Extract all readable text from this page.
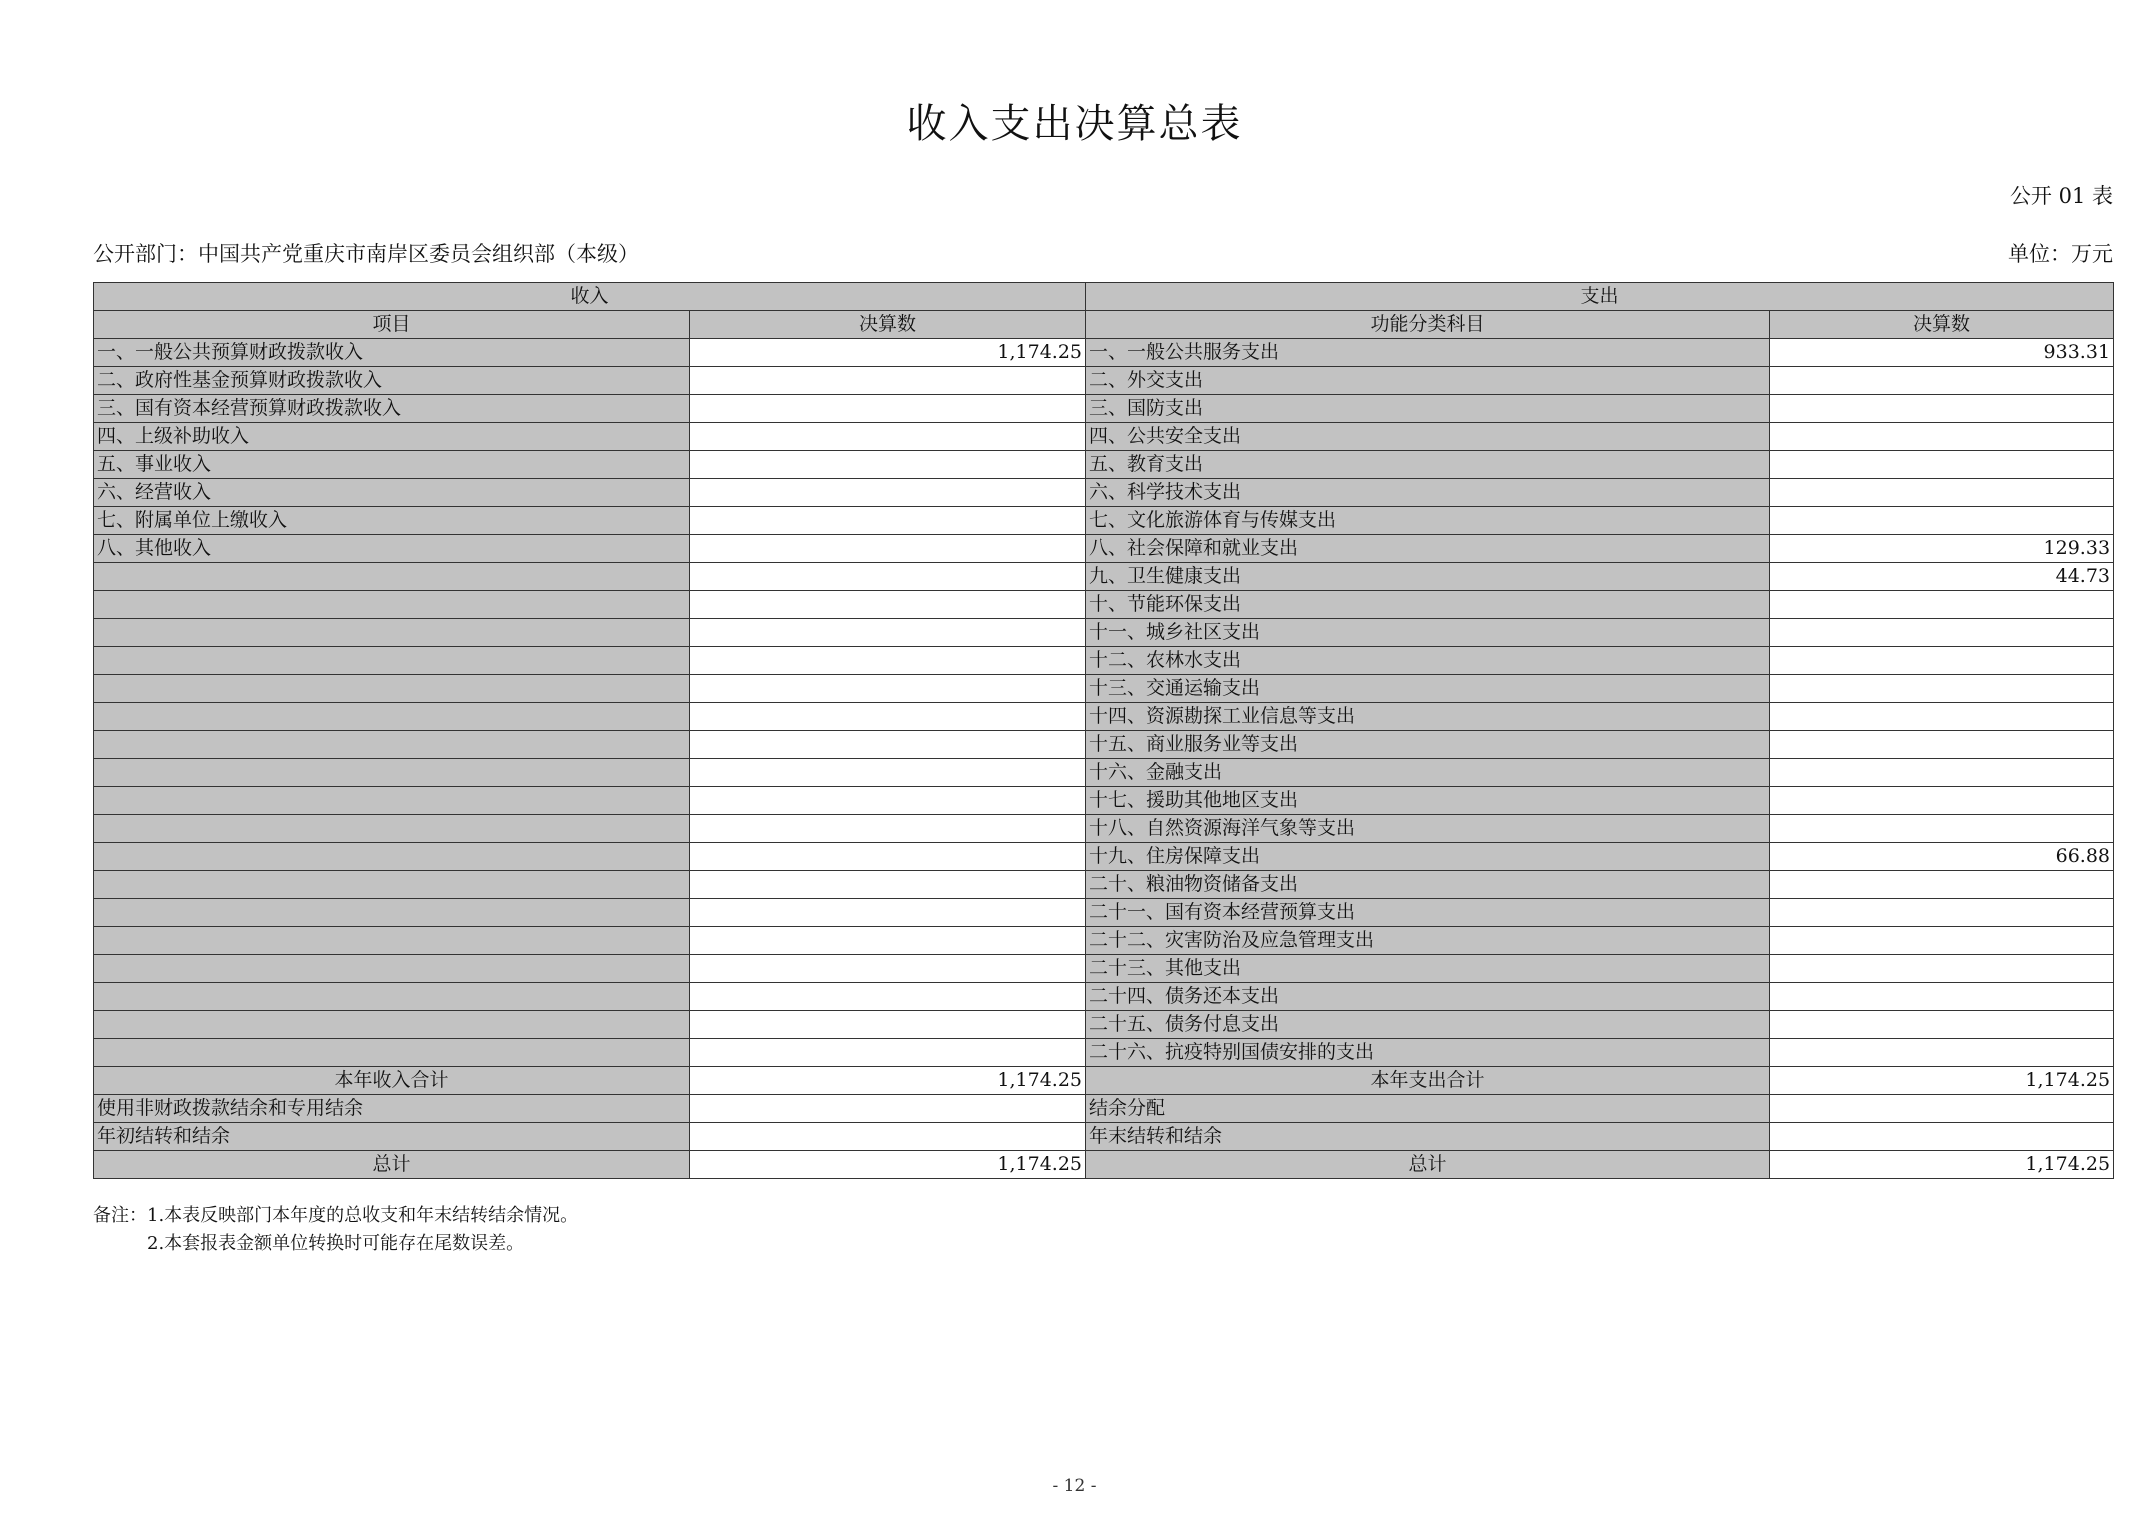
收入支出决算总表
公开 01 表
公开部门：中国共产党重庆市南岸区委员会组织部（本级）	单位：万元
收入		支出	
项目	决算数	功能分类科目	决算数
一、一般公共预算财政拨款收入	1,174.25	一、一般公共服务支出	933.31
二、政府性基金预算财政拨款收入		二、外交支出	
三、国有资本经营预算财政拨款收入		三、国防支出	
四、上级补助收入		四、公共安全支出	
五、事业收入		五、教育支出	
六、经营收入		六、科学技术支出	
七、附属单位上缴收入		七、文化旅游体育与传媒支出	
八、其他收入		八、社会保障和就业支出	129.33
		九、卫生健康支出	44.73
		十、节能环保支出	
		十一、城乡社区支出	
		十二、农林水支出	
		十三、交通运输支出	
		十四、资源勘探工业信息等支出	
		十五、商业服务业等支出	
		十六、金融支出	
		十七、援助其他地区支出	
		十八、自然资源海洋气象等支出	
		十九、住房保障支出	66.88
		二十、粮油物资储备支出	
		二十一、国有资本经营预算支出	
		二十二、灾害防治及应急管理支出	
		二十三、其他支出	
		二十四、债务还本支出	
		二十五、债务付息支出	
		二十六、抗疫特别国债安排的支出	
本年收入合计	1,174.25	本年支出合计	1,174.25
使用非财政拨款结余和专用结余		结余分配	
年初结转和结余		年末结转和结余	
总计	1,174.25	总计	1,174.25
备注：1.本表反映部门本年度的总收支和年末结转结余情况。
2.本套报表金额单位转换时可能存在尾数误差。
- 12 -
